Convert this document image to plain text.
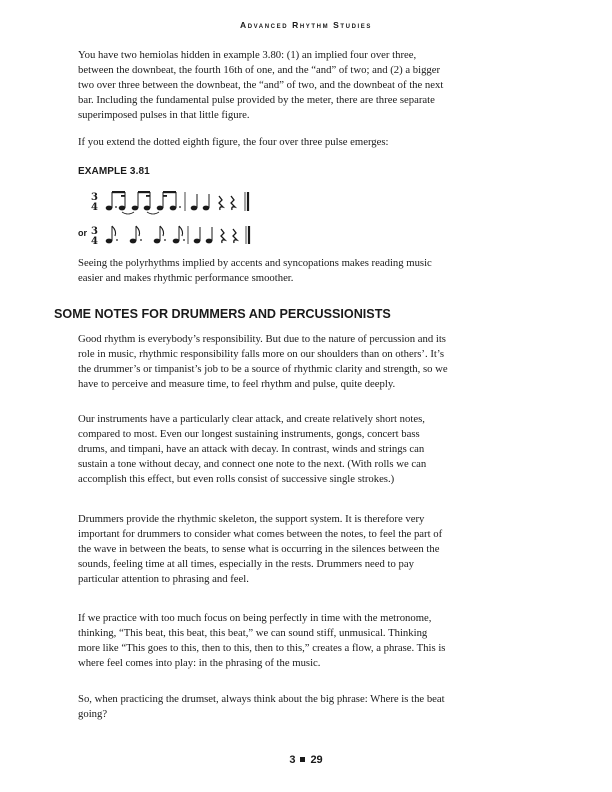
Advanced Rhythm Studies

You have two hemiolas hidden in example 3.80: (1) an implied four over three, between the downbeat, the fourth 16th of one, and the “and” of two; and (2) a bigger two over three between the downbeat, the “and” of two, and the downbeat of the next bar. Including the fundamental pulse provided by the meter, there are three separate superimposed pulses in that little figure.

If you extend the dotted eighth figure, the four over three pulse emerges:

EXAMPLE 3.81
3
4
3
4
or

Seeing the polyrhythms implied by accents and syncopations makes reading music easier and makes rhythmic performance smoother.

SOME NOTES FOR DRUMMERS AND PERCUSSIONISTS

Good rhythm is everybody’s responsibility. But due to the nature of percussion and its role in music, rhythmic responsibility falls more on our shoulders than on others’. It’s the drummer’s or timpanist’s job to be a source of rhythmic clarity and strength, so we have to perceive and measure time, to feel rhythm and pulse, quite deeply.

Our instruments have a particularly clear attack, and create relatively short notes, compared to most. Even our longest sustaining instruments, gongs, concert bass drums, and timpani, have an attack with decay. In contrast, winds and strings can sustain a tone without decay, and connect one note to the next. (With rolls we can accomplish this effect, but even rolls consist of successive single strokes.)

Drummers provide the rhythmic skeleton, the support system. It is therefore very important for drummers to consider what comes between the notes, to feel the part of the wave in between the beats, to sense what is occurring in the silences between the sounds, feeling time at all times, especially in the rests. Drummers need to pay particular attention to phrasing and feel.

If we practice with too much focus on being perfectly in time with the metronome, thinking, “This beat, this beat, this beat,” we can sound stiff, unmusical. Thinking more like “This goes to this, then to this, then to this,” creates a flow, a phrase. This is where feel comes into play: in the phrasing of the music.

So, when practicing the drumset, always think about the big phrase: Where is the beat going?

3 29
